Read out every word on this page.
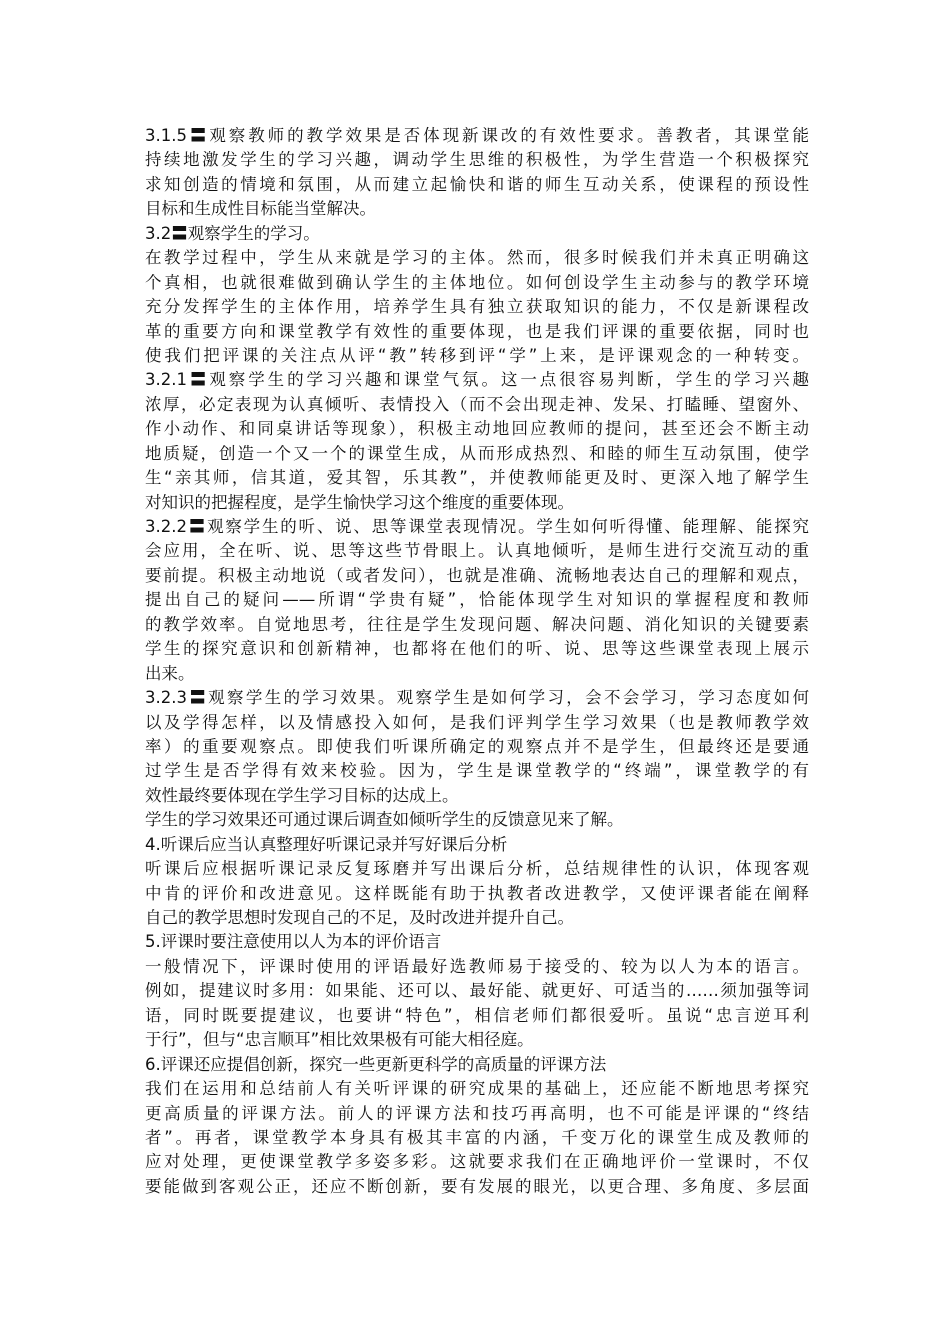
3.1.5〓观察教师的教学效果是否体现新课改的有效性要求。善教者，其课堂能
持续地激发学生的学习兴趣，调动学生思维的积极性，为学生营造一个积极探究
求知创造的情境和氛围，从而建立起愉快和谐的师生互动关系，使课程的预设性
目标和生成性目标能当堂解决。
3.2〓观察学生的学习。
在教学过程中，学生从来就是学习的主体。然而，很多时候我们并未真正明确这
个真相，也就很难做到确认学生的主体地位。如何创设学生主动参与的教学环境
充分发挥学生的主体作用，培养学生具有独立获取知识的能力，不仅是新课程改
革的重要方向和课堂教学有效性的重要体现，也是我们评课的重要依据，同时也
使我们把评课的关注点从评“教”转移到评“学”上来，是评课观念的一种转变。
3.2.1〓观察学生的学习兴趣和课堂气氛。这一点很容易判断，学生的学习兴趣
浓厚，必定表现为认真倾听、表情投入（而不会出现走神、发呆、打瞌睡、望窗外、
作小动作、和同桌讲话等现象），积极主动地回应教师的提问，甚至还会不断主动
地质疑，创造一个又一个的课堂生成，从而形成热烈、和睦的师生互动氛围，使学
生“亲其师，信其道，爱其智，乐其教”，并使教师能更及时、更深入地了解学生
对知识的把握程度，是学生愉快学习这个维度的重要体现。
3.2.2〓观察学生的听、说、思等课堂表现情况。学生如何听得懂、能理解、能探究
会应用，全在听、说、思等这些节骨眼上。认真地倾听，是师生进行交流互动的重
要前提。积极主动地说（或者发问），也就是准确、流畅地表达自己的理解和观点，
提出自己的疑问——所谓“学贵有疑”，恰能体现学生对知识的掌握程度和教师
的教学效率。自觉地思考，往往是学生发现问题、解决问题、消化知识的关键要素
学生的探究意识和创新精神，也都将在他们的听、说、思等这些课堂表现上展示
出来。
3.2.3〓观察学生的学习效果。观察学生是如何学习，会不会学习，学习态度如何
以及学得怎样，以及情感投入如何，是我们评判学生学习效果（也是教师教学效
率）的重要观察点。即使我们听课所确定的观察点并不是学生，但最终还是要通
过学生是否学得有效来校验。因为，学生是课堂教学的“终端”，课堂教学的有
效性最终要体现在学生学习目标的达成上。
学生的学习效果还可通过课后调查如倾听学生的反馈意见来了解。
4.听课后应当认真整理好听课记录并写好课后分析
听课后应根据听课记录反复琢磨并写出课后分析，总结规律性的认识，体现客观
中肯的评价和改进意见。这样既能有助于执教者改进教学，又使评课者能在阐释
自己的教学思想时发现自己的不足，及时改进并提升自己。
5.评课时要注意使用以人为本的评价语言
一般情况下，评课时使用的评语最好选教师易于接受的、较为以人为本的语言。
例如，提建议时多用：如果能、还可以、最好能、就更好、可适当的……须加强等词
语，同时既要提建议，也要讲“特色”，相信老师们都很爱听。虽说“忠言逆耳利
于行”，但与“忠言顺耳”相比效果极有可能大相径庭。
6.评课还应提倡创新，探究一些更新更科学的高质量的评课方法
我们在运用和总结前人有关听评课的研究成果的基础上，还应能不断地思考探究
更高质量的评课方法。前人的评课方法和技巧再高明，也不可能是评课的“终结
者”。再者，课堂教学本身具有极其丰富的内涵，千变万化的课堂生成及教师的
应对处理，更使课堂教学多姿多彩。这就要求我们在正确地评价一堂课时，不仅
要能做到客观公正，还应不断创新，要有发展的眼光，以更合理、多角度、多层面
